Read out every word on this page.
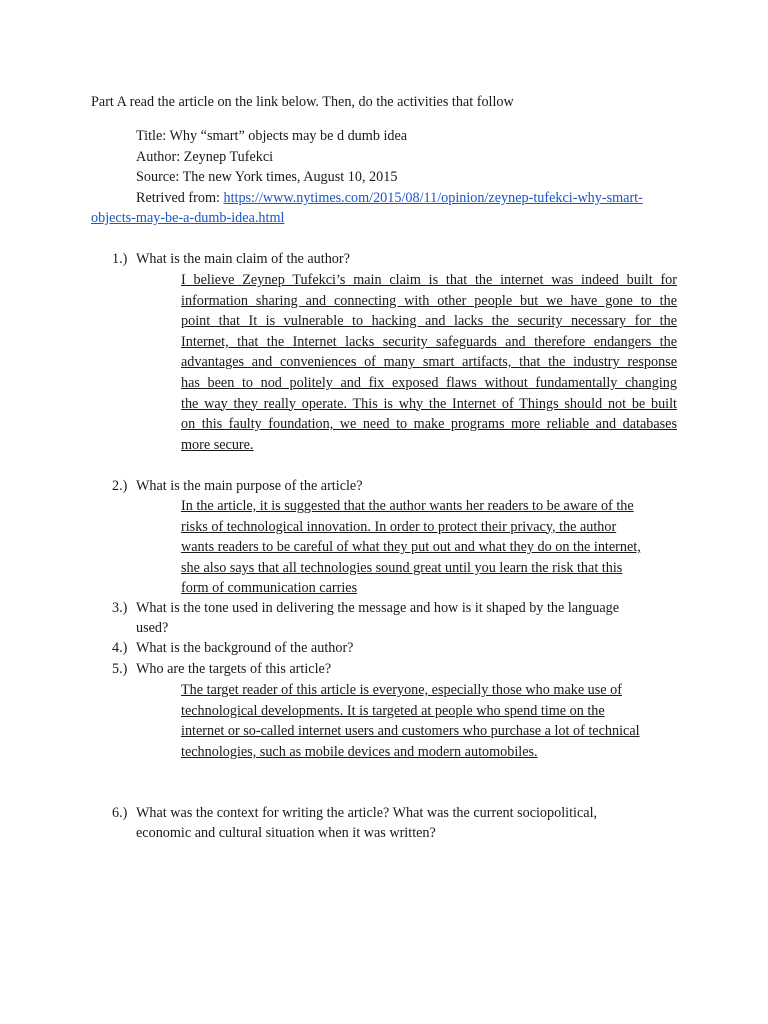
Part A read the article on the link below. Then, do the activities that follow
Title: Why “smart” objects may be d dumb idea
Author: Zeynep Tufekci
Source: The new York times, August 10, 2015
Retrived from: https://www.nytimes.com/2015/08/11/opinion/zeynep-tufekci-why-smart-
objects-may-be-a-dumb-idea.html
1.) What is the main claim of the author?
I believe Zeynep Tufekci’s main claim is that the internet was indeed built for
information sharing and connecting with other people but we have gone to the
point that It is vulnerable to hacking and lacks the security necessary for the
Internet, that the Internet lacks security safeguards and therefore endangers the
advantages and conveniences of many smart artifacts, that the industry response
has been to nod politely and fix exposed flaws without fundamentally changing
the way they really operate. This is why the Internet of Things should not be built
on this faulty foundation, we need to make programs more reliable and databases
more secure.
2.) What is the main purpose of the article?
In the article, it is suggested that the author wants her readers to be aware of the
risks of technological innovation. In order to protect their privacy, the author
wants readers to be careful of what they put out and what they do on the internet,
she also says that all technologies sound great until you learn the risk that this
form of communication carries
3.) What is the tone used in delivering the message and how is it shaped by the language
used?
4.) What is the background of the author?
5.) Who are the targets of this article?
The target reader of this article is everyone, especially those who make use of
technological developments. It is targeted at people who spend time on the
internet or so-called internet users and customers who purchase a lot of technical
technologies, such as mobile devices and modern automobiles.
6.) What was the context for writing the article? What was the current sociopolitical,
economic and cultural situation when it was written?
